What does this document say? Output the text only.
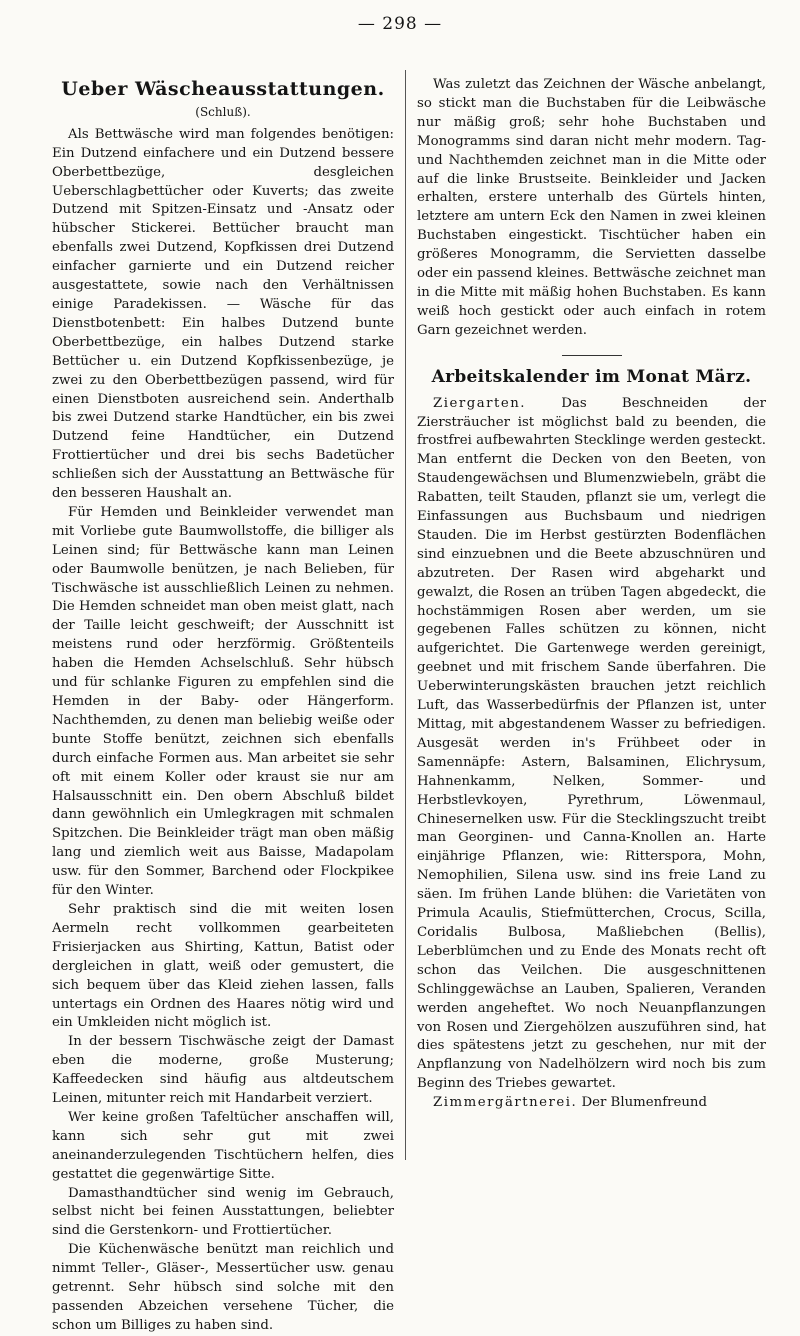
— 298 —
Ueber Wäscheausstattungen.
(Schluß).

Als Bettwäsche wird man folgendes benötigen: Ein Dutzend einfachere und ein Dutzend bessere Oberbettbezüge, desgleichen Ueberschlagbettücher oder Kuverts; das zweite Dutzend mit Spitzen-Einsatz und -Ansatz oder hübscher Stickerei. Bettücher braucht man ebenfalls zwei Dutzend, Kopfkissen drei Dutzend einfacher garnierte und ein Dutzend reicher ausgestattete, sowie nach den Verhältnissen einige Paradekissen. — Wäsche für das Dienstbotenbett: Ein halbes Dutzend bunte Oberbettbezüge, ein halbes Dutzend starke Bettücher u. ein Dutzend Kopfkissenbezüge, je zwei zu den Oberbettbezügen passend, wird für einen Dienstboten ausreichend sein. Anderthalb bis zwei Dutzend starke Handtücher, ein bis zwei Dutzend feine Handtücher, ein Dutzend Frottiertücher und drei bis sechs Badetücher schließen sich der Ausstattung an Bettwäsche für den besseren Haushalt an.

Für Hemden und Beinkleider verwendet man mit Vorliebe gute Baumwollstoffe, die billiger als Leinen sind; für Bettwäsche kann man Leinen oder Baumwolle benützen, je nach Belieben, für Tischwäsche ist ausschließlich Leinen zu nehmen. Die Hemden schneidet man oben meist glatt, nach der Taille leicht geschweift; der Ausschnitt ist meistens rund oder herzförmig. Größtenteils haben die Hemden Achselschluß. Sehr hübsch und für schlanke Figuren zu empfehlen sind die Hemden in der Baby- oder Hängerform. Nachthemden, zu denen man beliebig weiße oder bunte Stoffe benützt, zeichnen sich ebenfalls durch einfache Formen aus. Man arbeitet sie sehr oft mit einem Koller oder kraust sie nur am Halsausschnitt ein. Den obern Abschluß bildet dann gewöhnlich ein Umlegkragen mit schmalen Spitzchen. Die Beinkleider trägt man oben mäßig lang und ziemlich weit aus Baisse, Madapolam usw. für den Sommer, Barchend oder Flockpikee für den Winter.

Sehr praktisch sind die mit weiten losen Aermeln recht vollkommen gearbeiteten Frisierjacken aus Shirting, Kattun, Batist oder dergleichen in glatt, weiß oder gemustert, die sich bequem über das Kleid ziehen lassen, falls untertags ein Ordnen des Haares nötig wird und ein Umkleiden nicht möglich ist.

In der bessern Tischwäsche zeigt der Damast eben die moderne, große Musterung; Kaffeedecken sind häufig aus altdeutschem Leinen, mitunter reich mit Handarbeit verziert.

Wer keine großen Tafeltücher anschaffen will, kann sich sehr gut mit zwei aneinanderzulegenden Tischtüchern helfen, dies gestattet die gegenwärtige Sitte.

Damasthandtücher sind wenig im Gebrauch, selbst nicht bei feinen Ausstattungen, beliebter sind die Gerstenkorn- und Frottiertücher.

Die Küchenwäsche benützt man reichlich und nimmt Teller-, Gläser-, Messertücher usw. genau getrennt. Sehr hübsch sind solche mit den passenden Abzeichen versehene Tücher, die schon um Billiges zu haben sind.

Was zuletzt das Zeichnen der Wäsche anbelangt, so stickt man die Buchstaben für die Leibwäsche nur mäßig groß; sehr hohe Buchstaben und Monogramms sind daran nicht mehr modern. Tag- und Nachthemden zeichnet man in die Mitte oder auf die linke Brustseite. Beinkleider und Jacken erhalten, erstere unterhalb des Gürtels hinten, letztere am untern Eck den Namen in zwei kleinen Buchstaben eingestickt. Tischtücher haben ein größeres Monogramm, die Servietten dasselbe oder ein passend kleines. Bettwäsche zeichnet man in die Mitte mit mäßig hohen Buchstaben. Es kann weiß hoch gestickt oder auch einfach in rotem Garn gezeichnet werden.

Arbeitskalender im Monat März.

Ziergarten. Das Beschneiden der Ziersträucher ist möglichst bald zu beenden, die frostfrei aufbewahrten Stecklinge werden gesteckt. Man entfernt die Decken von den Beeten, von Staudengewächsen und Blumenzwiebeln, gräbt die Rabatten, teilt Stauden, pflanzt sie um, verlegt die Einfassungen aus Buchsbaum und niedrigen Stauden. Die im Herbst gestürzten Bodenflächen sind einzuebnen und die Beete abzuschnüren und abzutreten. Der Rasen wird abgeharkt und gewalzt, die Rosen an trüben Tagen abgedeckt, die hochstämmigen Rosen aber werden, um sie gegebenen Falles schützen zu können, nicht aufgerichtet. Die Gartenwege werden gereinigt, geebnet und mit frischem Sande überfahren. Die Ueberwinterungskästen brauchen jetzt reichlich Luft, das Wasserbedürfnis der Pflanzen ist, unter Mittag, mit abgestandenem Wasser zu befriedigen. Ausgesät werden in's Frühbeet oder in Samennäpfe: Astern, Balsaminen, Elichrysum, Hahnenkamm, Nelken, Sommer- und Herbstlevkoyen, Pyrethrum, Löwenmaul, Chinesernelken usw. Für die Stecklingszucht treibt man Georginen- und Canna-Knollen an. Harte einjährige Pflanzen, wie: Ritterspora, Mohn, Nemophilien, Silena usw. sind ins freie Land zu säen. Im frühen Lande blühen: die Varietäten von Primula Acaulis, Stiefmütterchen, Crocus, Scilla, Coridalis Bulbosa, Maßliebchen (Bellis), Leberblümchen und zu Ende des Monats recht oft schon das Veilchen. Die ausgeschnittenen Schlinggewächse an Lauben, Spalieren, Veranden werden angeheftet. Wo noch Neuanpflanzungen von Rosen und Ziergehölzen auszuführen sind, hat dies spätestens jetzt zu geschehen, nur mit der Anpflanzung von Nadelhölzern wird noch bis zum Beginn des Triebes gewartet.

Zimmergärtnerei. Der Blumenfreund
